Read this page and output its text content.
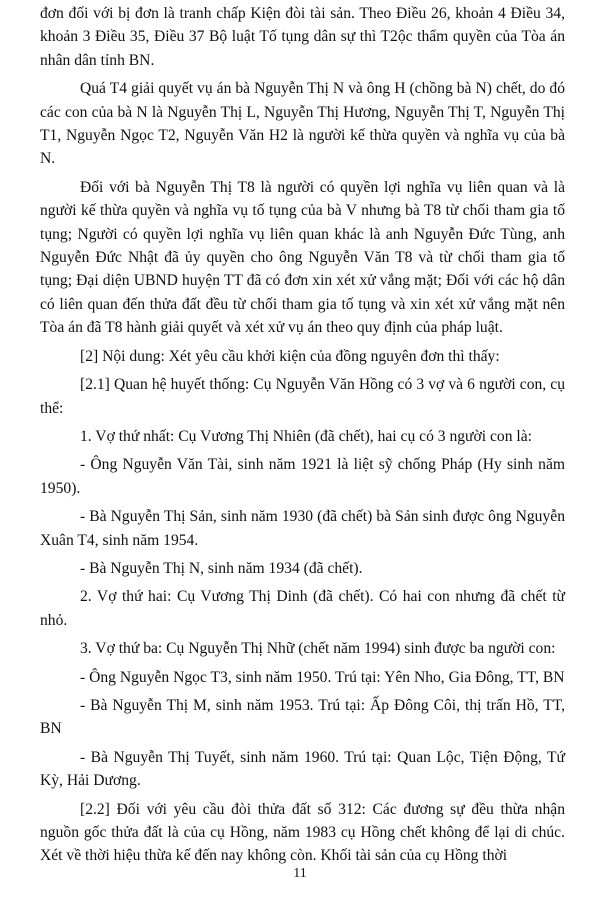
đơn đối với bị đơn là tranh chấp Kiện đòi tài sản. Theo Điều 26, khoản 4 Điều 34, khoản 3 Điều 35, Điều 37 Bộ luật Tố tụng dân sự thì T2ộc thẩm quyền của Tòa án nhân dân tỉnh BN.

Quá T4 giải quyết vụ án bà Nguyễn Thị N và ông H (chồng bà N) chết, do đó các con của bà N là Nguyễn Thị L, Nguyễn Thị Hương, Nguyễn Thị T, Nguyễn Thị T1, Nguyễn Ngọc T2, Nguyễn Văn H2 là người kế thừa quyền và nghĩa vụ của bà N.

Đối với bà Nguyễn Thị T8 là người có quyền lợi nghĩa vụ liên quan và là người kế thừa quyền và nghĩa vụ tố tụng của bà V nhưng bà T8 từ chối tham gia tố tụng; Người có quyền lợi nghĩa vụ liên quan khác là anh Nguyễn Đức Tùng, anh Nguyễn Đức Nhật đã ủy quyền cho ông Nguyễn Văn T8 và từ chối tham gia tố tụng; Đại diện UBND huyện TT đã có đơn xin xét xử vắng mặt; Đối với các hộ dân có liên quan đến thửa đất đều từ chối tham gia tố tụng và xin xét xử vắng mặt nên Tòa án đã T8 hành giải quyết và xét xử vụ án theo quy định của pháp luật.

[2] Nội dung: Xét yêu cầu khởi kiện của đồng nguyên đơn thì thấy:

[2.1] Quan hệ huyết thống: Cụ Nguyễn Văn Hồng có 3 vợ và 6 người con, cụ thể:

1. Vợ thứ nhất: Cụ Vương Thị Nhiên (đã chết), hai cụ có 3 người con là:

- Ông Nguyễn Văn Tài, sinh năm 1921 là liệt sỹ chống Pháp (Hy sinh năm 1950).

- Bà Nguyễn Thị Sản, sinh năm 1930 (đã chết) bà Sản sinh được ông Nguyễn Xuân T4, sinh năm 1954.

- Bà Nguyễn Thị N, sinh năm 1934 (đã chết).

2. Vợ thứ hai: Cụ Vương Thị Dinh (đã chết). Có hai con nhưng đã chết từ nhỏ.

3. Vợ thứ ba: Cụ Nguyễn Thị Nhữ (chết năm 1994) sinh được ba người con:

- Ông Nguyễn Ngọc T3, sinh năm 1950. Trú tại: Yên Nho, Gia Đông, TT, BN

- Bà Nguyễn Thị M, sinh năm 1953. Trú tại: Ấp Đông Côi, thị trấn Hồ, TT, BN

- Bà Nguyễn Thị Tuyết, sinh năm 1960. Trú tại: Quan Lộc, Tiện Động, Tứ Kỳ, Hải Dương.

[2.2] Đối với yêu cầu đòi thửa đất số 312: Các đương sự đều thừa nhận nguồn gốc thửa đất là của cụ Hồng, năm 1983 cụ Hồng chết không để lại di chúc. Xét về thời hiệu thừa kế đến nay không còn. Khối tài sản của cụ Hồng thời

11
